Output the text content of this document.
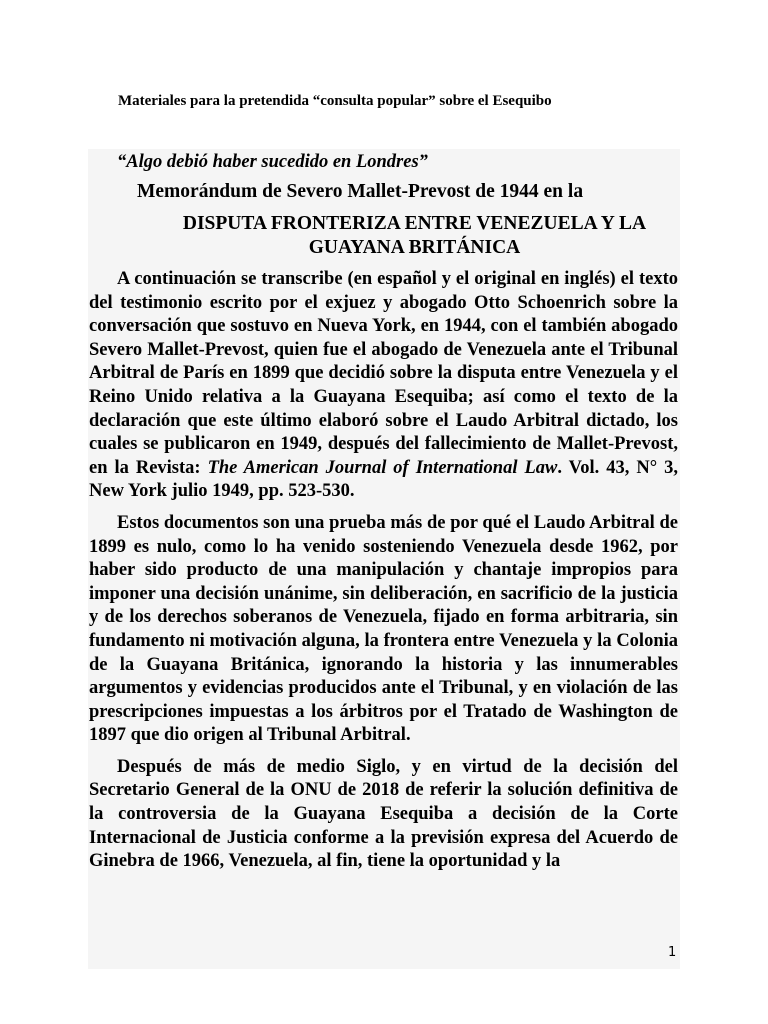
Materiales para la pretendida “consulta popular” sobre el Esequibo
“Algo debió haber sucedido en Londres”
Memorándum de Severo Mallet-Prevost de 1944 en la
DISPUTA FRONTERIZA ENTRE VENEZUELA Y LA
GUAYANA BRITÁNICA

A continuación se transcribe (en español y el original en inglés) el texto del testimonio escrito por el exjuez y abogado Otto Schoenrich sobre la conversación que sostuvo en Nueva York, en 1944, con el también abogado Severo Mallet-Prevost, quien fue el abogado de Venezuela ante el Tribunal Arbitral de París en 1899 que decidió sobre la disputa entre Venezuela y el Reino Unido relativa a la Guayana Esequiba; así como el texto de la declaración que este último elaboró sobre el Laudo Arbitral dictado, los cuales se publicaron en 1949, después del fallecimiento de Mallet-Prevost, en la Revista: The American Journal of International Law. Vol. 43, N° 3, New York julio 1949, pp. 523-530.

Estos documentos son una prueba más de por qué el Laudo Arbitral de 1899 es nulo, como lo ha venido sosteniendo Venezuela desde 1962, por haber sido producto de una manipulación y chantaje impropios para imponer una decisión unánime, sin deliberación, en sacrificio de la justicia y de los derechos soberanos de Venezuela, fijado en forma arbitraria, sin fundamento ni motivación alguna, la frontera entre Venezuela y la Colonia de la Guayana Británica, ignorando la historia y las innumerables argumentos y evidencias producidos ante el Tribunal, y en violación de las prescripciones impuestas a los árbitros por el Tratado de Washington de 1897 que dio origen al Tribunal Arbitral.

Después de más de medio Siglo, y en virtud de la decisión del Secretario General de la ONU de 2018 de referir la solución definitiva de la controversia de la Guayana Esequiba a decisión de la Corte Internacional de Justicia conforme a la previsión expresa del Acuerdo de Ginebra de 1966, Venezuela, al fin, tiene la oportunidad y la

1
